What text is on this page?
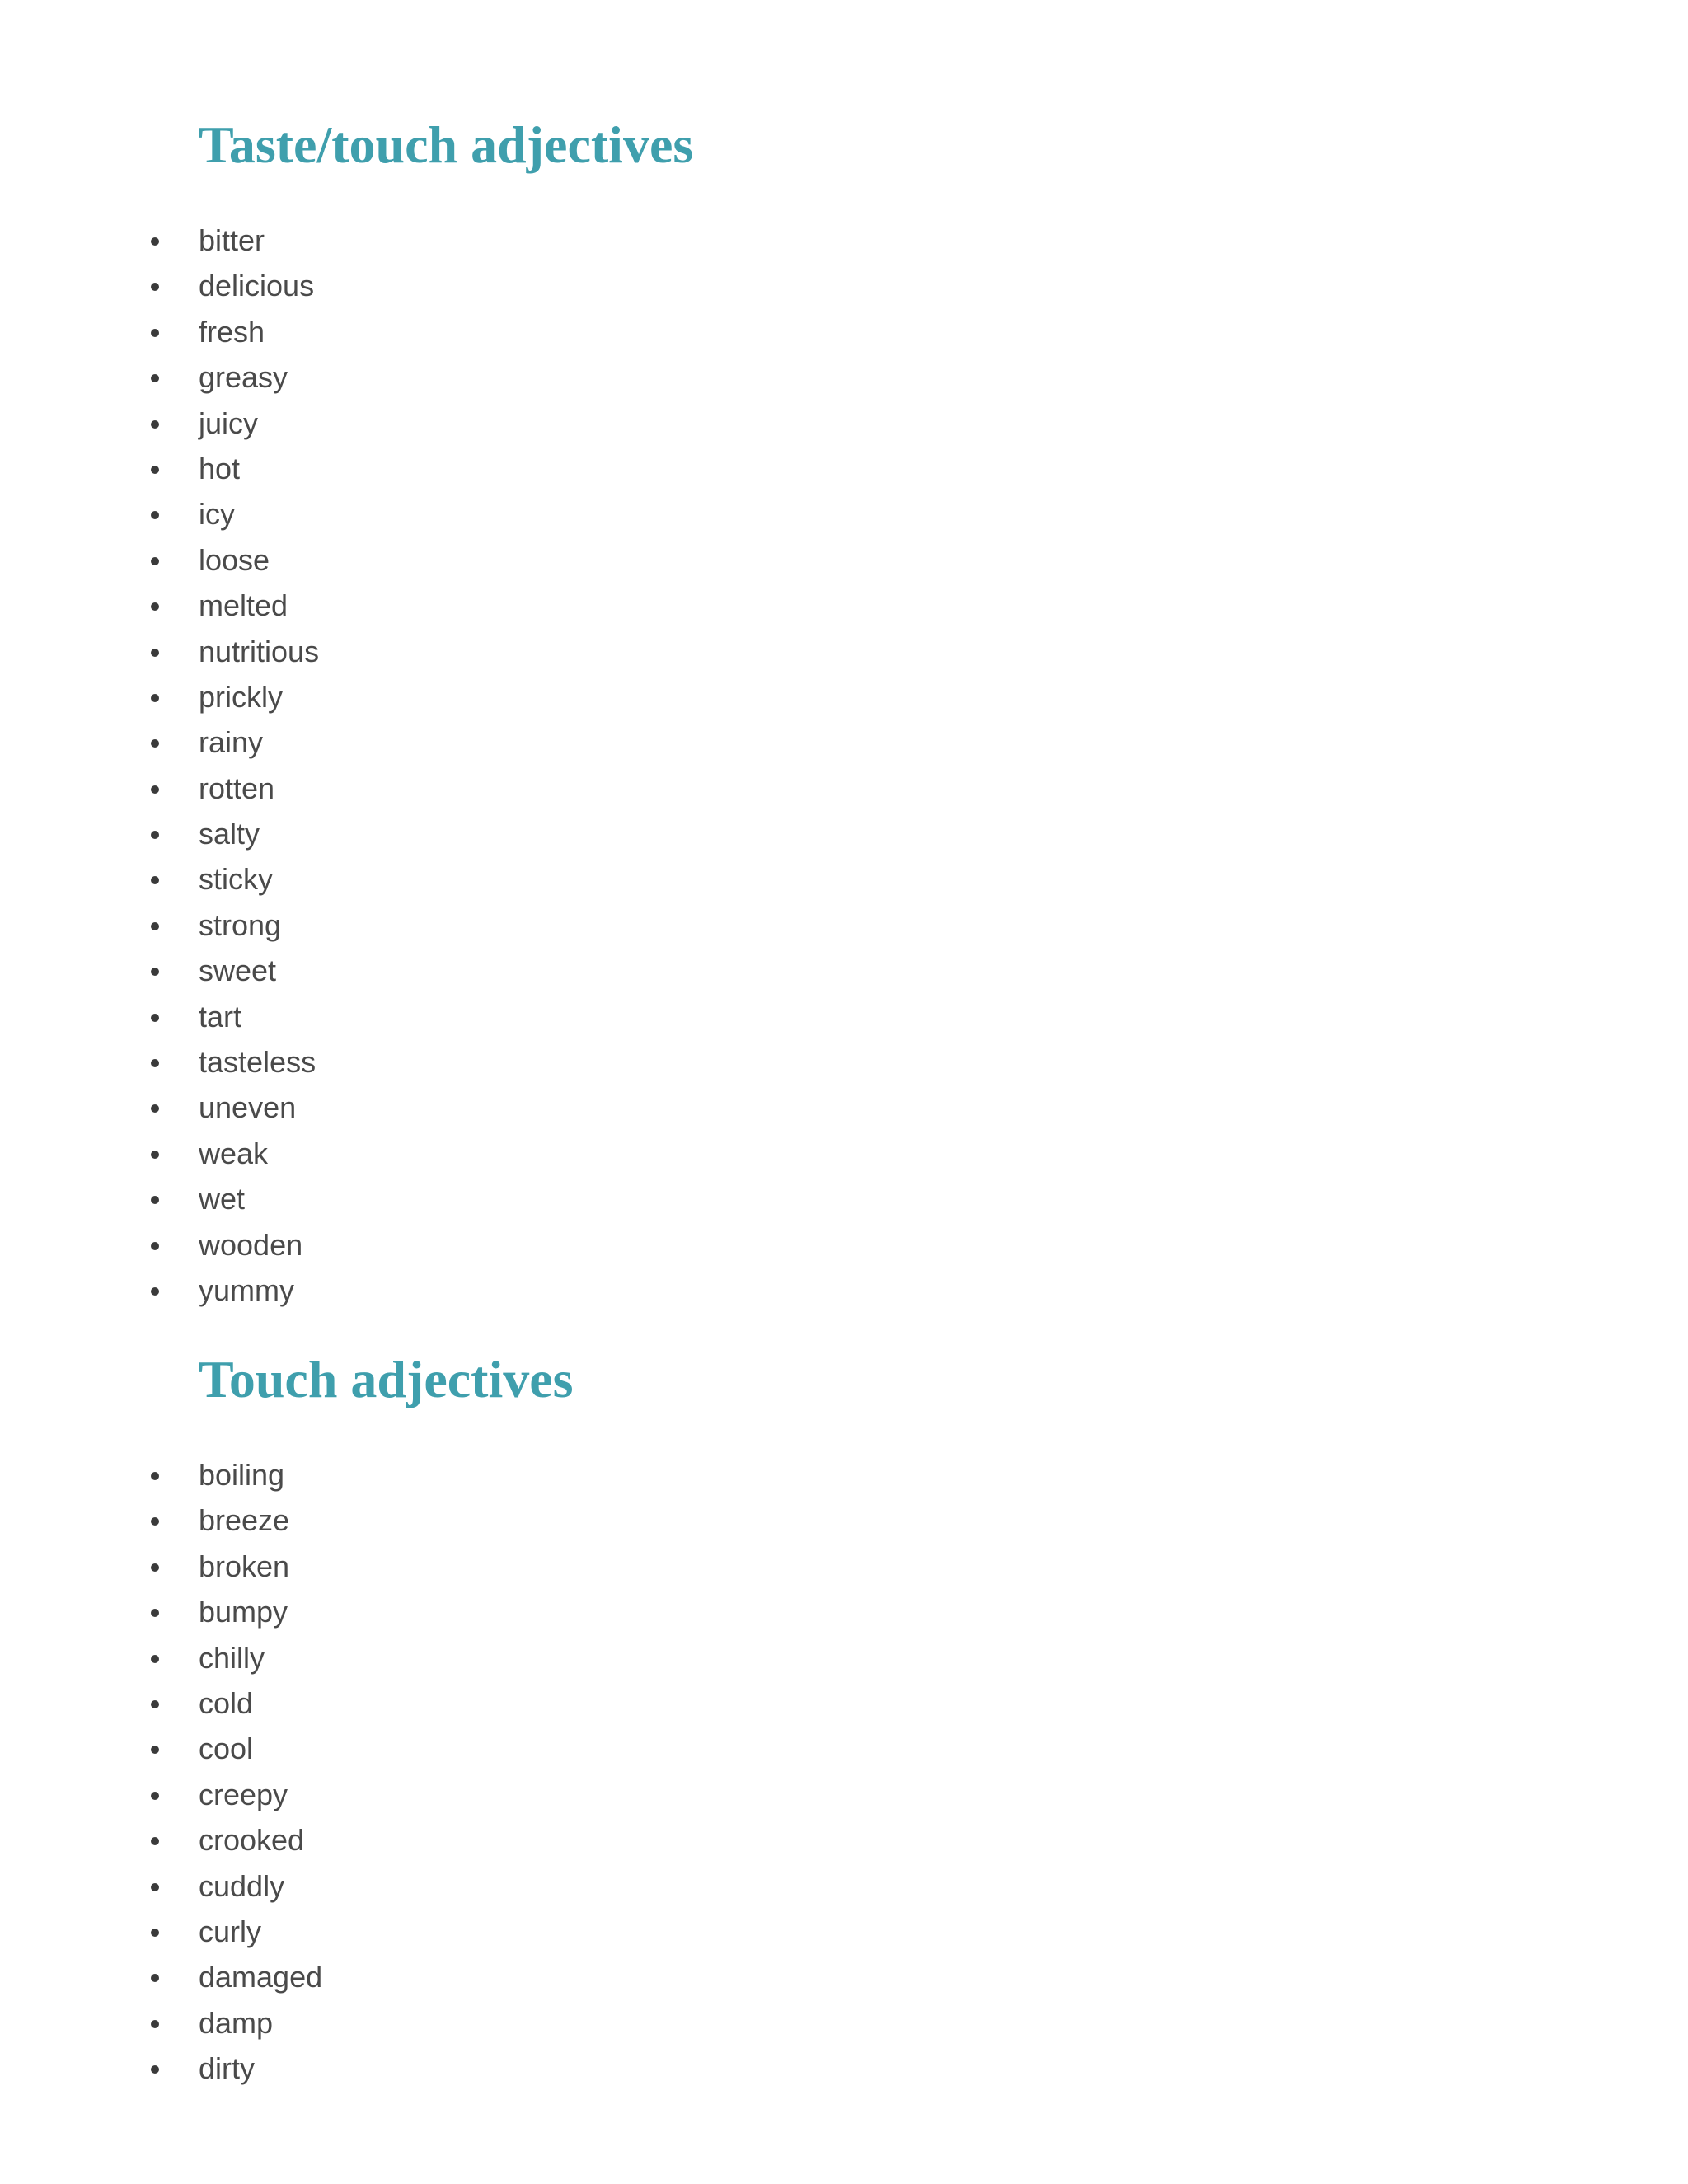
Taste/touch adjectives
bitter
delicious
fresh
greasy
juicy
hot
icy
loose
melted
nutritious
prickly
rainy
rotten
salty
sticky
strong
sweet
tart
tasteless
uneven
weak
wet
wooden
yummy
Touch adjectives
boiling
breeze
broken
bumpy
chilly
cold
cool
creepy
crooked
cuddly
curly
damaged
damp
dirty
